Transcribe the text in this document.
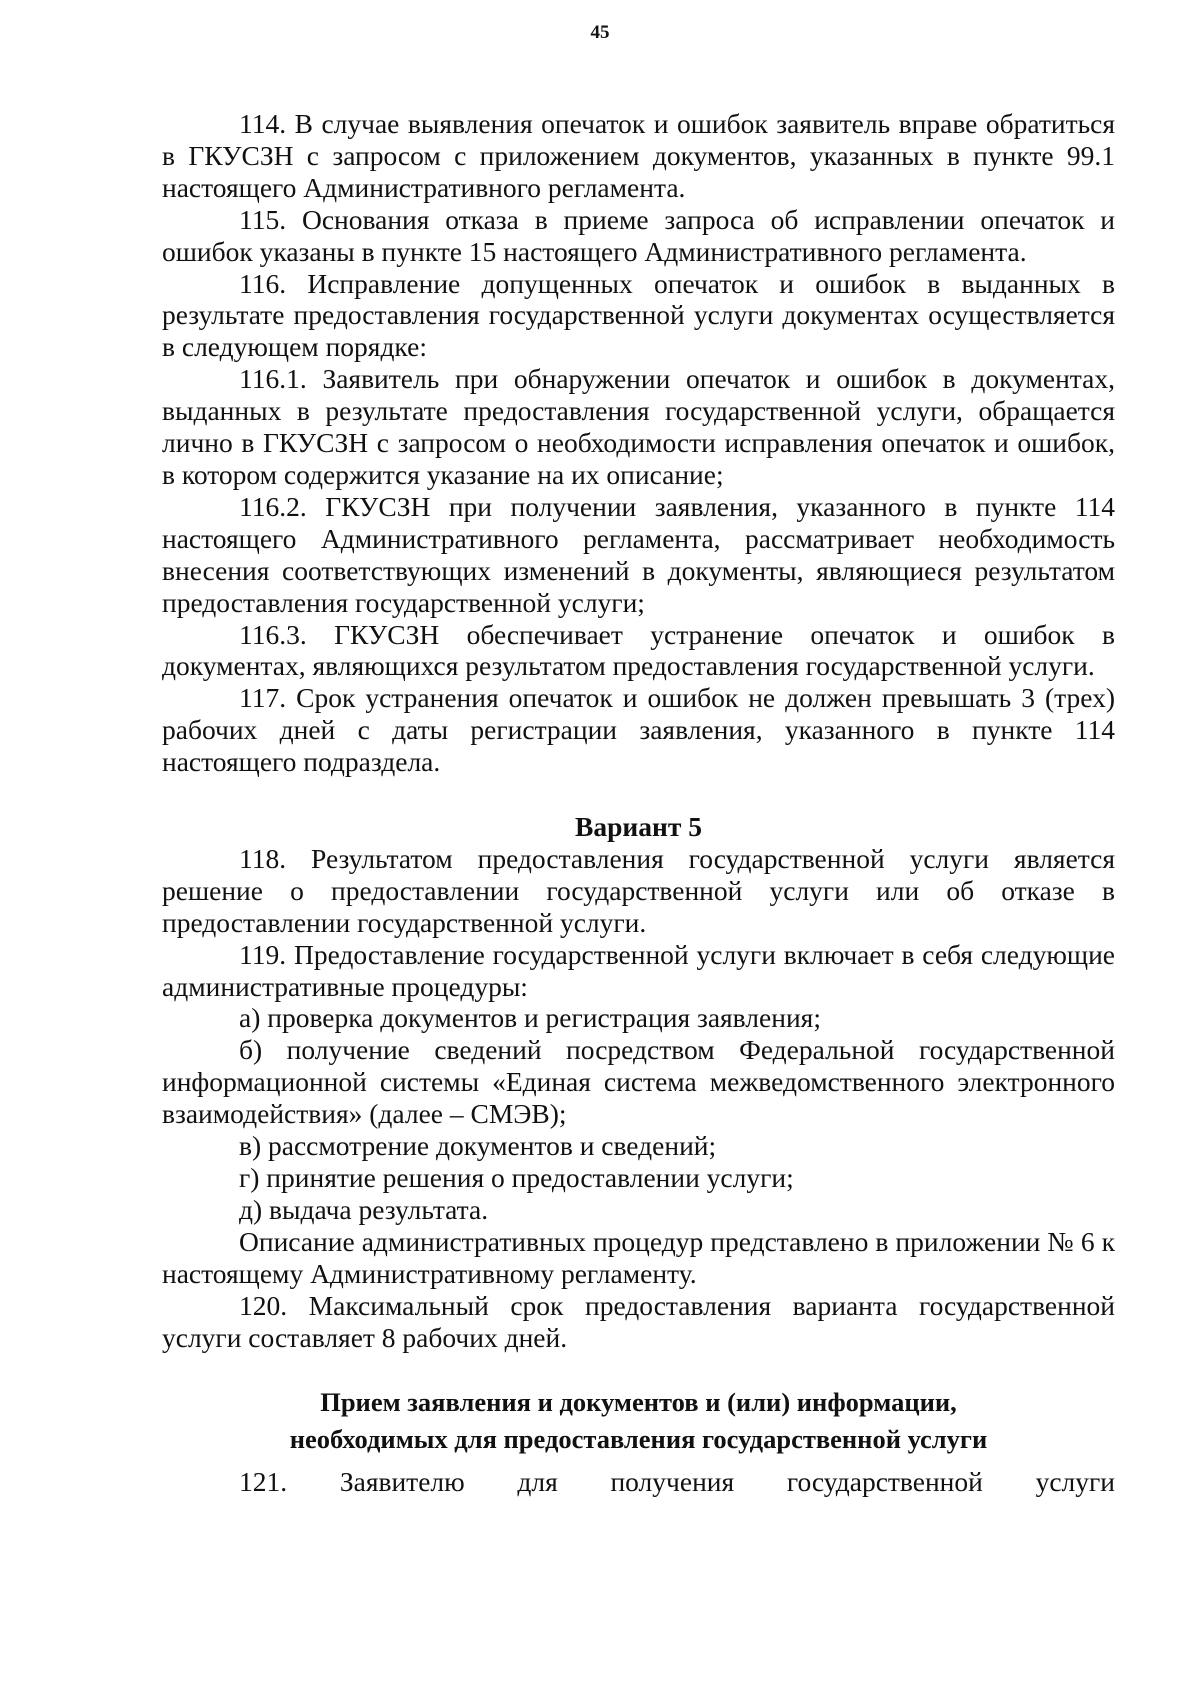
45

114. В случае выявления опечаток и ошибок заявитель вправе обратиться в ГКУСЗН с запросом с приложением документов, указанных в пункте 99.1 настоящего Административного регламента.

115. Основания отказа в приеме запроса об исправлении опечаток и ошибок указаны в пункте 15 настоящего Административного регламента.

116. Исправление допущенных опечаток и ошибок в выданных в результате предоставления государственной услуги документах осуществляется в следующем порядке:

116.1. Заявитель при обнаружении опечаток и ошибок в документах, выданных в результате предоставления государственной услуги, обращается лично в ГКУСЗН с запросом о необходимости исправления опечаток и ошибок, в котором содержится указание на их описание;

116.2. ГКУСЗН при получении заявления, указанного в пункте 114 настоящего Административного регламента, рассматривает необходимость внесения соответствующих изменений в документы, являющиеся результатом предоставления государственной услуги;

116.3. ГКУСЗН обеспечивает устранение опечаток и ошибок в документах, являющихся результатом предоставления государственной услуги.

117. Срок устранения опечаток и ошибок не должен превышать 3 (трех) рабочих дней с даты регистрации заявления, указанного в пункте 114 настоящего подраздела.

Вариант 5

118. Результатом предоставления государственной услуги является решение о предоставлении государственной услуги или об отказе в предоставлении государственной услуги.

119. Предоставление государственной услуги включает в себя следующие административные процедуры:

а) проверка документов и регистрация заявления;

б) получение сведений посредством Федеральной государственной информационной системы «Единая система межведомственного электронного взаимодействия» (далее – СМЭВ);

в) рассмотрение документов и сведений;

г) принятие решения о предоставлении услуги;

д) выдача результата.

Описание административных процедур представлено в приложении № 6 к настоящему Административному регламенту.

120. Максимальный срок предоставления варианта государственной услуги составляет 8 рабочих дней.

Прием заявления и документов и (или) информации,

необходимых для предоставления государственной услуги

121. Заявителю для получения государственной услуги
